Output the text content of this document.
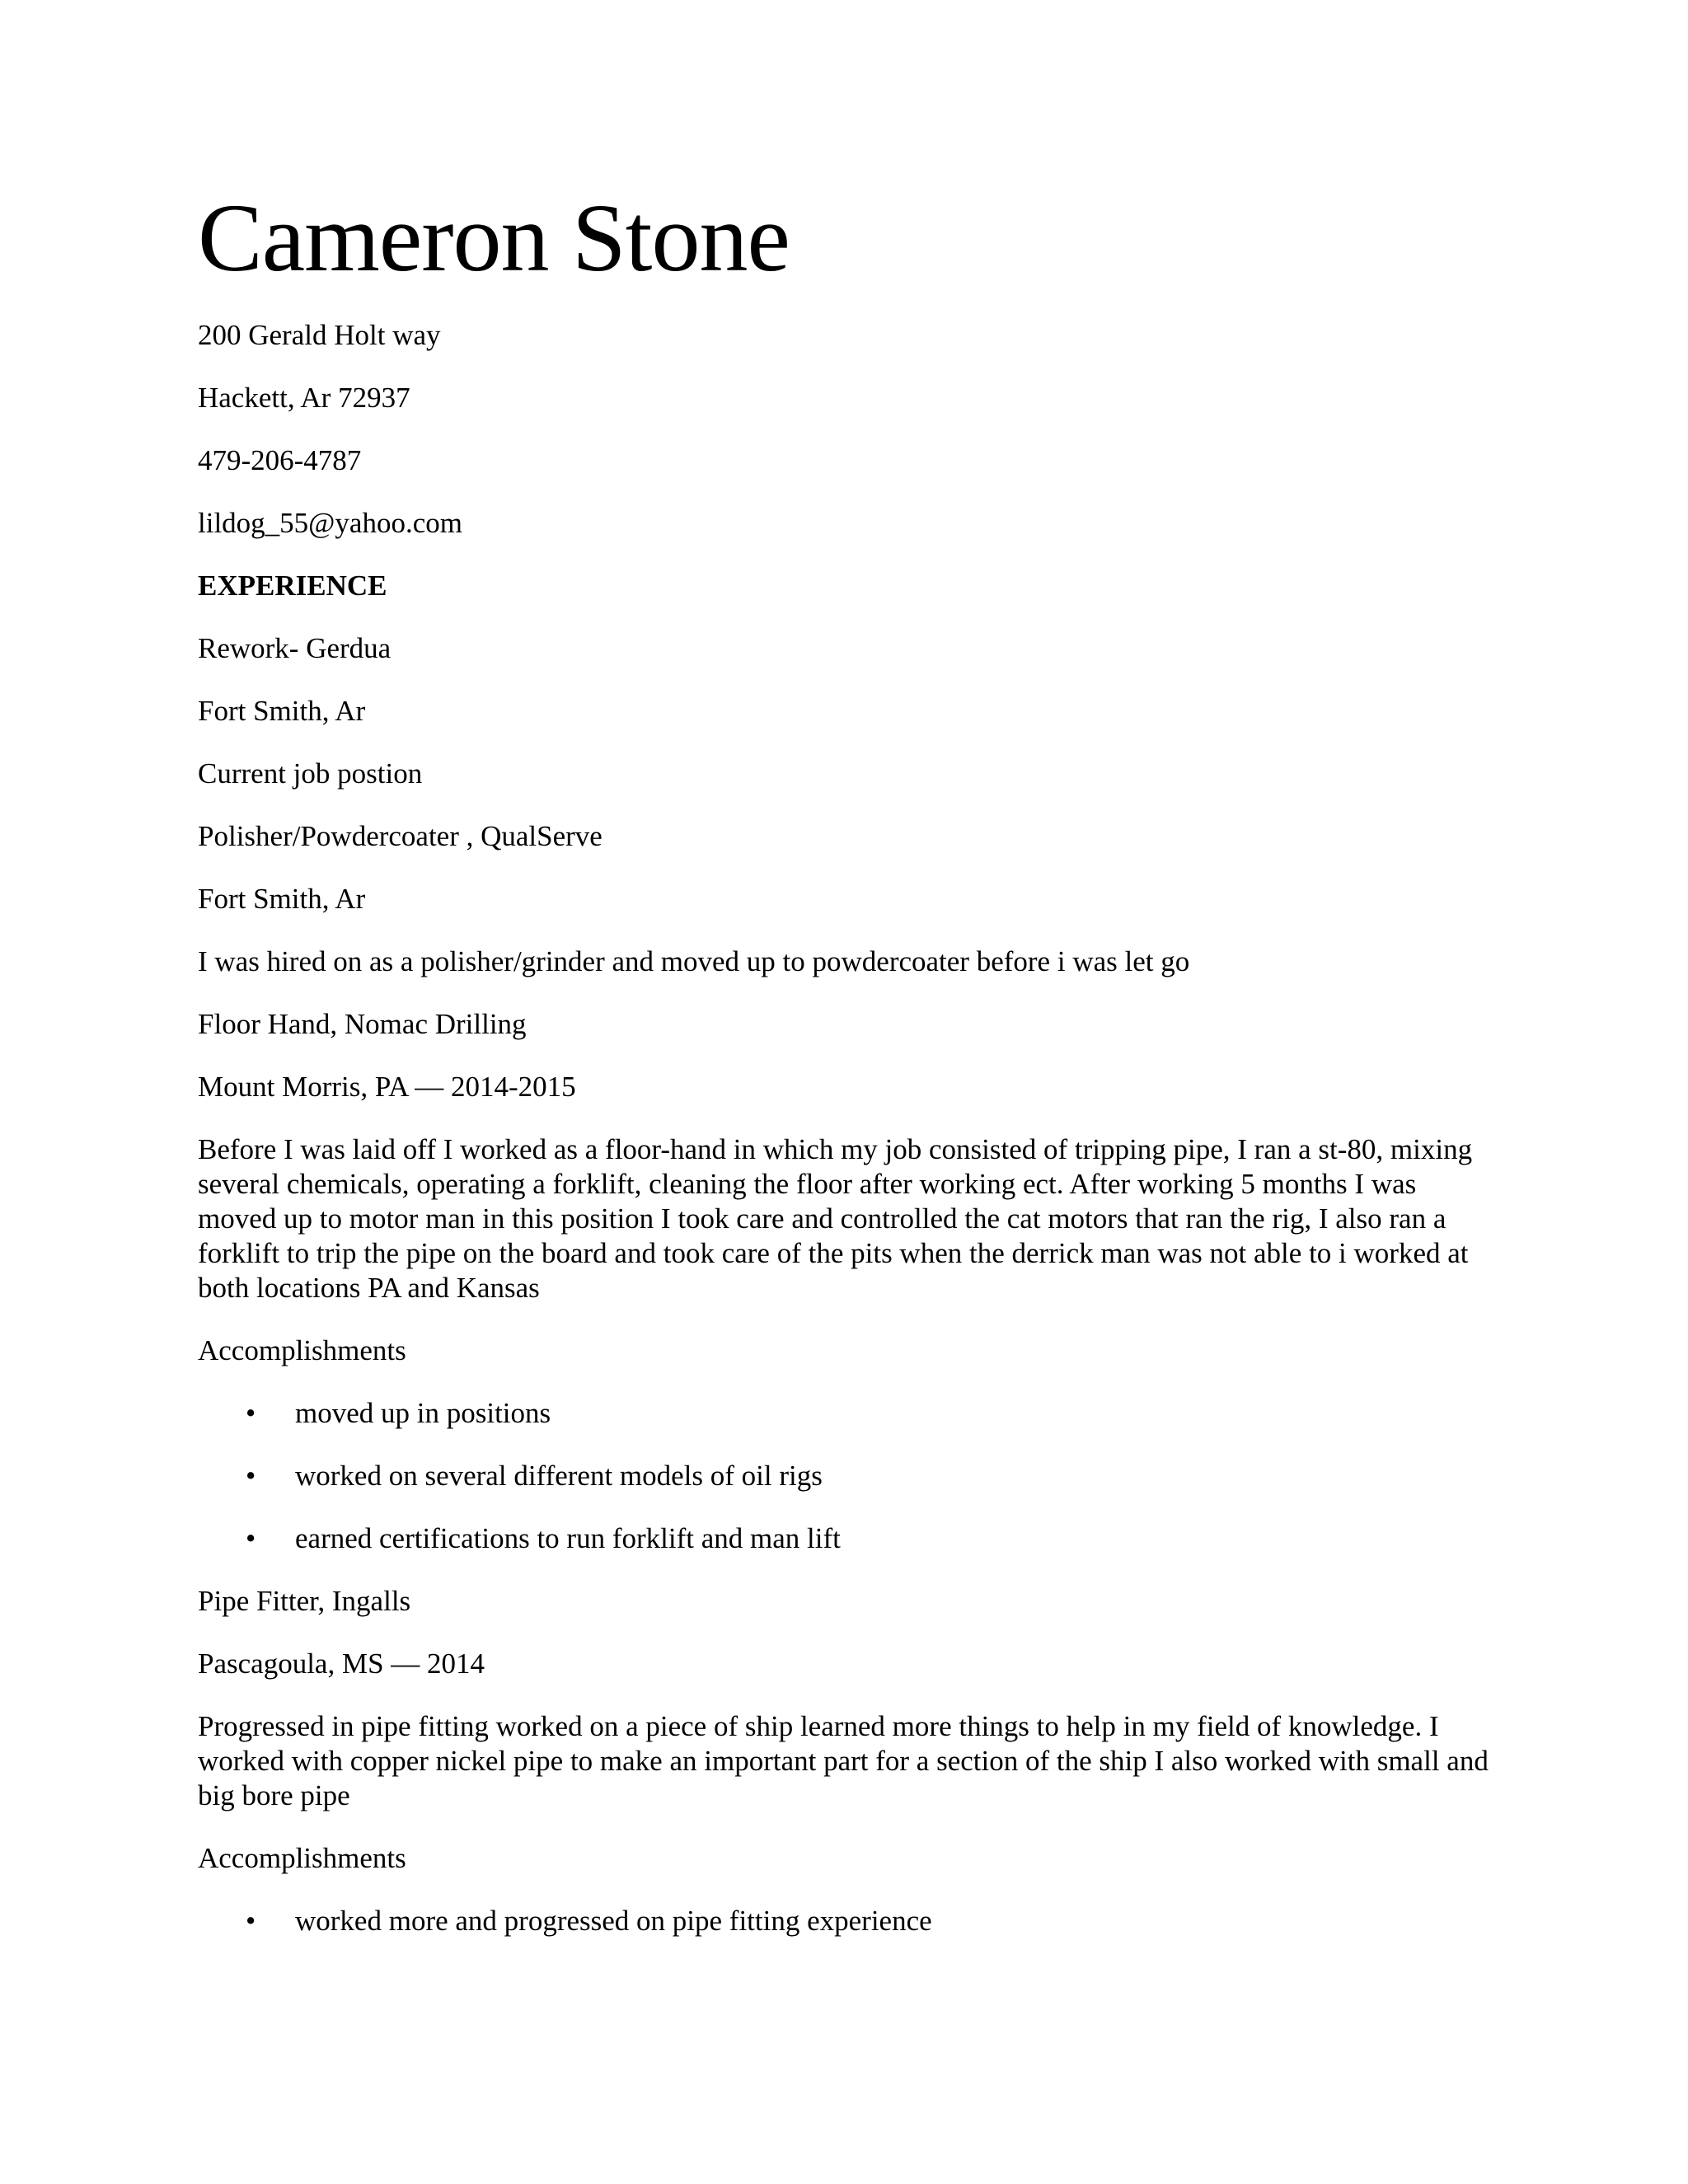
Cameron Stone
200 Gerald Holt way
Hackett, Ar 72937
479-206-4787
lildog_55@yahoo.com
EXPERIENCE
Rework- Gerdua
Fort Smith, Ar
Current job postion
Polisher/Powdercoater , QualServe
Fort Smith, Ar
I was hired on as a polisher/grinder and moved up to powdercoater before i was let go
Floor Hand, Nomac Drilling
Mount Morris, PA — 2014-2015
Before I was laid off I worked as a floor-hand in which my job consisted of tripping pipe, I ran a st-80, mixing several chemicals, operating a forklift, cleaning the floor after working ect. After working 5 months I was moved up to motor man in this position I took care and controlled the cat motors that ran the rig, I also ran a forklift to trip the pipe on the board and took care of the pits when the derrick man was not able to i worked at both locations PA and Kansas
Accomplishments
• moved up in positions
• worked on several different models of oil rigs
• earned certifications to run forklift and man lift
Pipe Fitter, Ingalls
Pascagoula, MS — 2014
Progressed in pipe fitting worked on a piece of ship learned more things to help in my field of knowledge. I worked with copper nickel pipe to make an important part for a section of the ship I also worked with small and big bore pipe
Accomplishments
• worked more and progressed on pipe fitting experience
